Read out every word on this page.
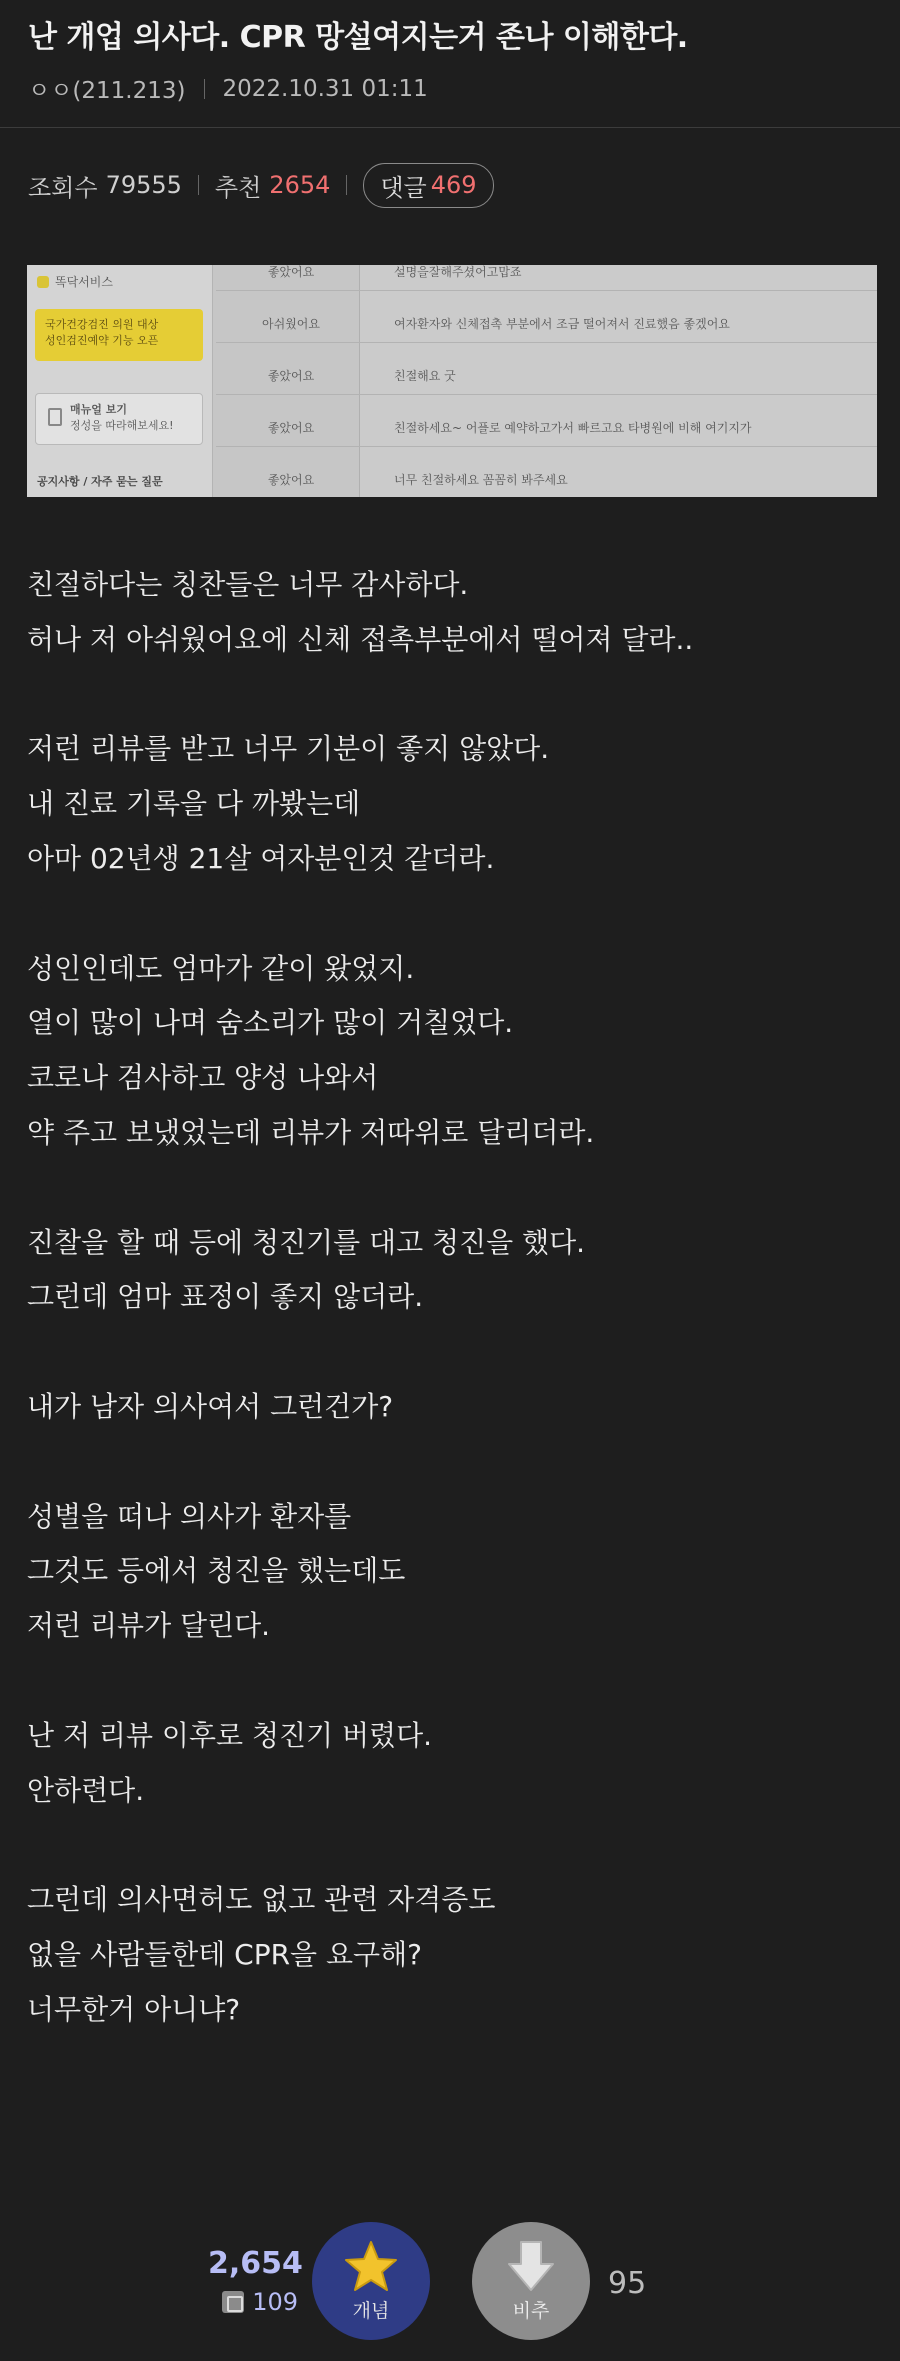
난 개업 의사다. CPR 망설여지는거 존나 이해한다.
ㅇㅇ(211.213) 2022.10.31 01:11
조회수 79555 추천 2654 댓글 469
똑닥서비스
국가건강검진 의원 대상
성인검진예약 기능 오픈
매뉴얼 보기
정성을 따라해보세요!
공지사항 / 자주 묻는 질문
좋았어요	설명을잘해주셨어고맙죠
아쉬웠어요	여자환자와 신체접촉 부분에서 조금 떨어져서 진료했음 좋겠어요
좋았어요	친절해요 굿
좋았어요	친절하세요~ 어플로 예약하고가서 빠르고요 타병원에 비해 여기지가
좋았어요	너무 친절하세요 꼼꼼히 봐주세요

친절하다는 칭찬들은 너무 감사하다.

허나 저 아쉬웠어요에 신체 접촉부분에서 떨어져 달라..

저런 리뷰를 받고 너무 기분이 좋지 않았다.

내 진료 기록을 다 까봤는데

아마 02년생 21살 여자분인것 같더라.

성인인데도 엄마가 같이 왔었지.

열이 많이 나며 숨소리가 많이 거칠었다.

코로나 검사하고 양성 나와서

약 주고 보냈었는데 리뷰가 저따위로 달리더라.

진찰을 할 때 등에 청진기를 대고 청진을 했다.

그런데 엄마 표정이 좋지 않더라.

내가 남자 의사여서 그런건가?

성별을 떠나 의사가 환자를

그것도 등에서 청진을 했는데도

저런 리뷰가 달린다.

난 저 리뷰 이후로 청진기 버렸다.

안하련다.

그런데 의사면허도 없고 관련 자격증도

없을 사람들한테 CPR을 요구해?

너무한거 아니냐?

2,654
109	개념	비추
95
